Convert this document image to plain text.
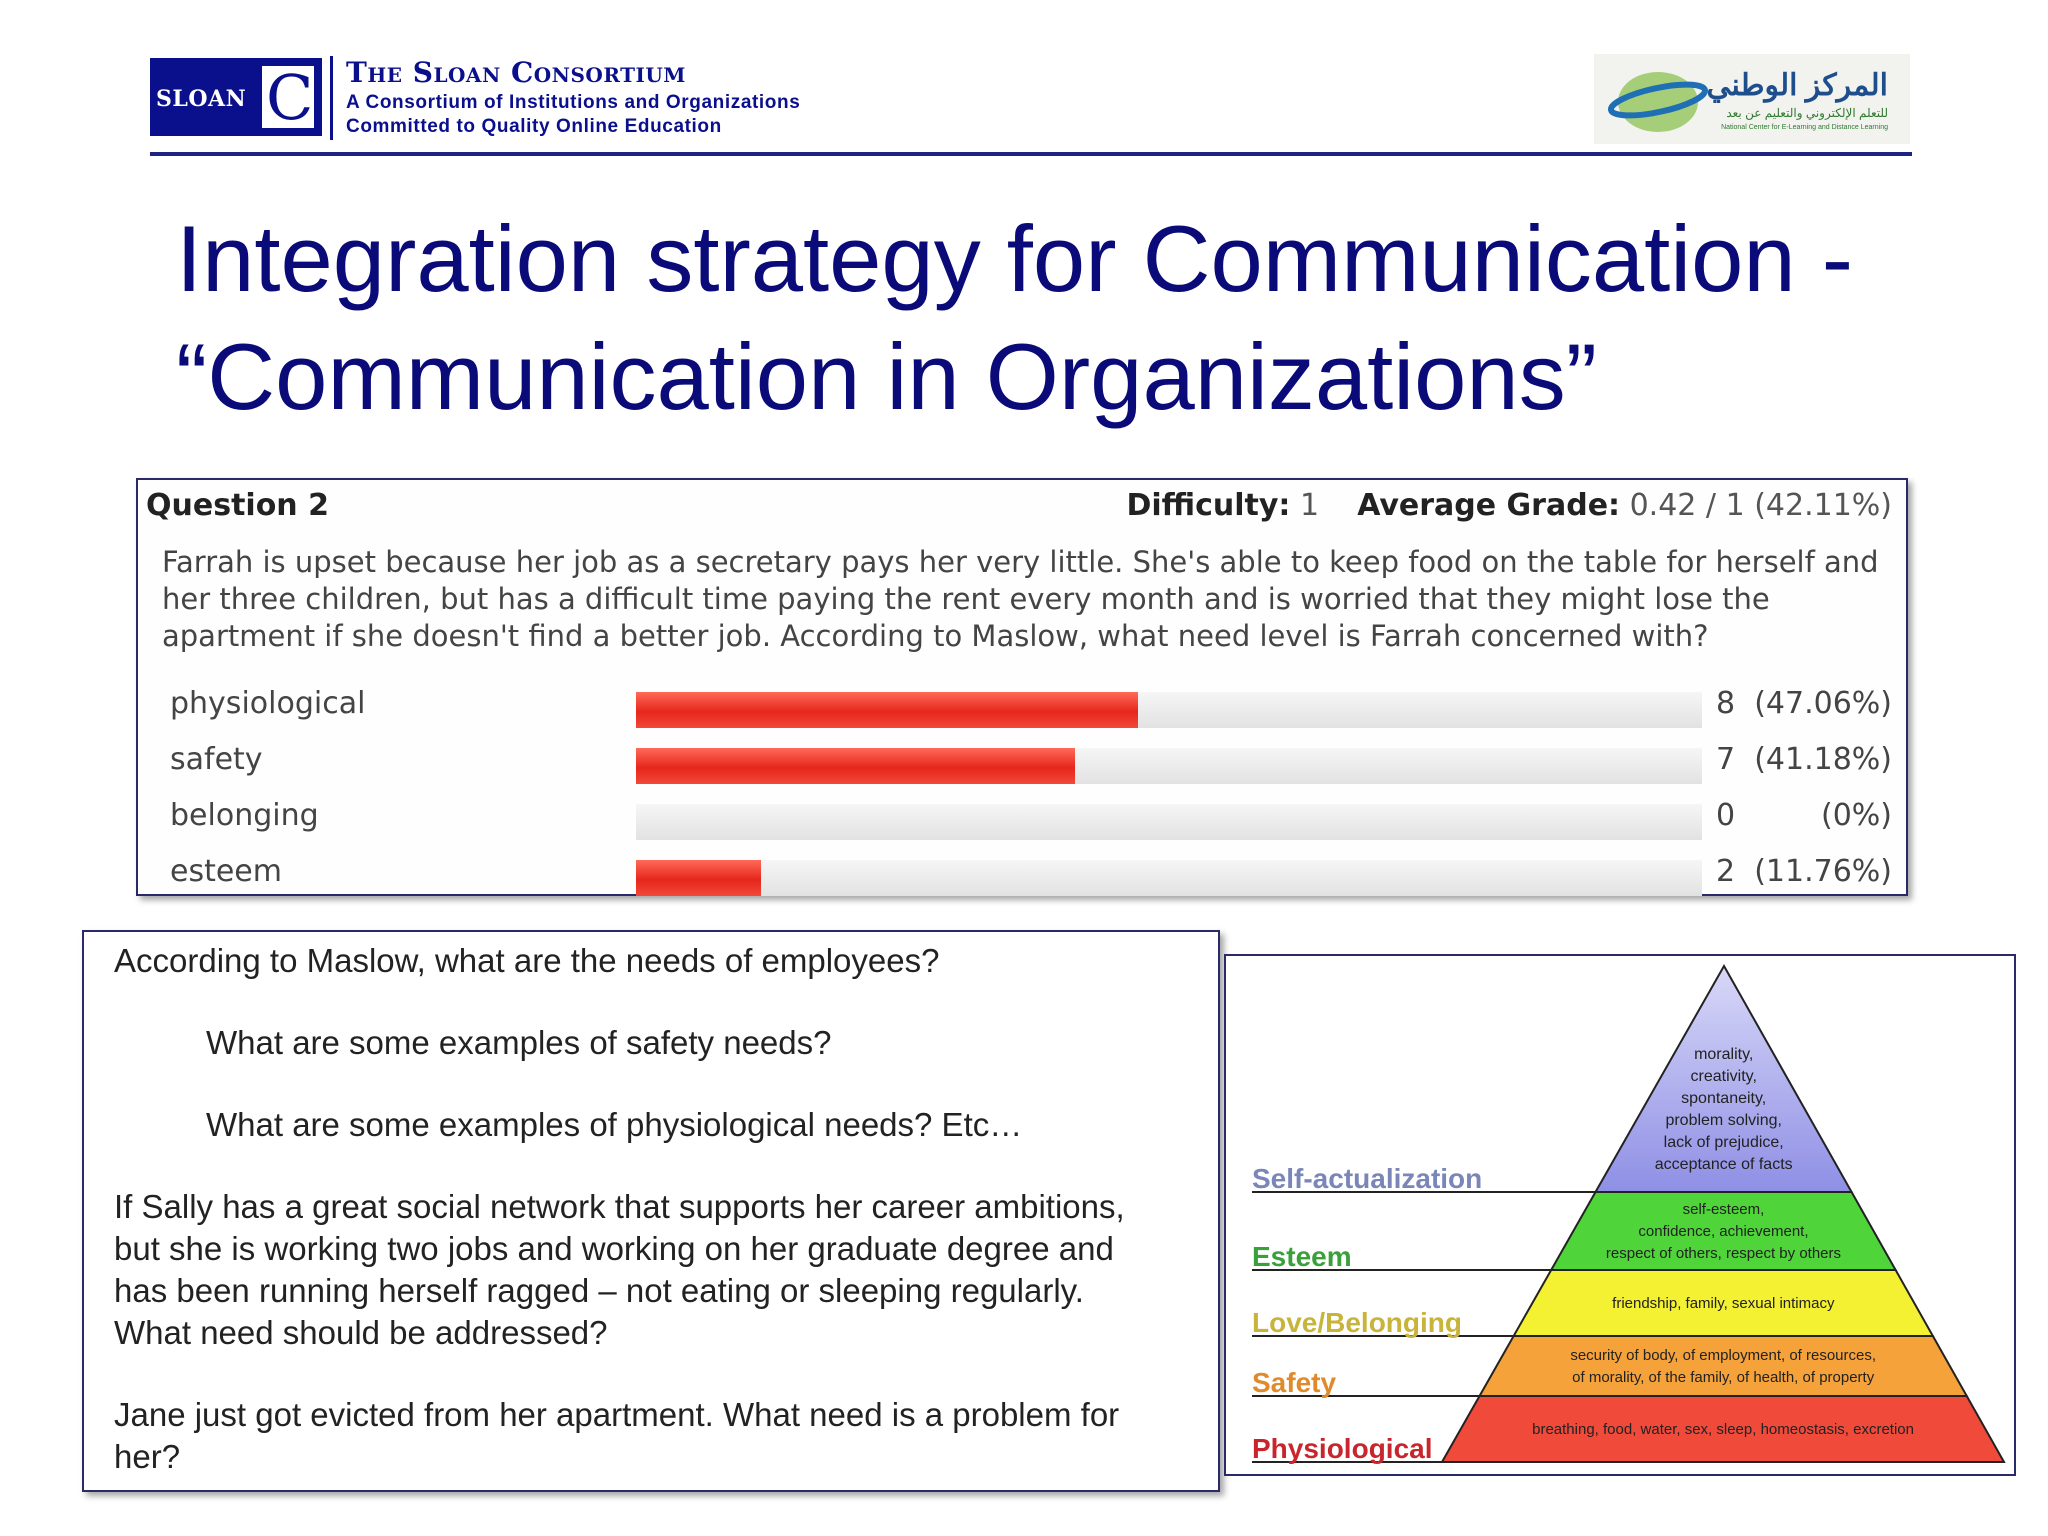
SLOAN C The Sloan Consortium
A Consortium of Institutions and Organizations
Committed to Quality Online Education
المركز الوطني
للتعلم الإلكتروني والتعليم عن بعد
National Center for E-Learning and Distance Learning
Integration strategy for Communication -
“Communication in Organizations”
Question 2	Difficulty: 1 Average Grade: 0.42 / 1 (42.11%)
Farrah is upset because her job as a secretary pays her very little. She's able to keep food on the table for herself and her three children, but has a difficult time paying the rent every month and is worried that they might lose the apartment if she doesn't find a better job. According to Maslow, what need level is Farrah concerned with?
physiological	8 (47.06%)
safety	7 (41.18%)
belonging	0	(0%)
esteem	2 (11.76%)
According to Maslow, what are the needs of employees?
What are some examples of safety needs?
What are some examples of physiological needs? Etc…
If Sally has a great social network that supports her career ambitions,
but she is working two jobs and working on her graduate degree and
has been running herself ragged – not eating or sleeping regularly.
What need should be addressed?
Jane just got evicted from her apartment. What need is a problem for
her?
morality,
creativity,
spontaneity,
problem solving,
lack of prejudice,
acceptance of facts
Self-actualization
self-esteem,
confidence, achievement,
respect of others, respect by others
Esteem
friendship, family, sexual intimacy
Love/Belonging
security of body, of employment, of resources,
of morality, of the family, of health, of property
Safety
breathing, food, water, sex, sleep, homeostasis, excretion
Physiological
